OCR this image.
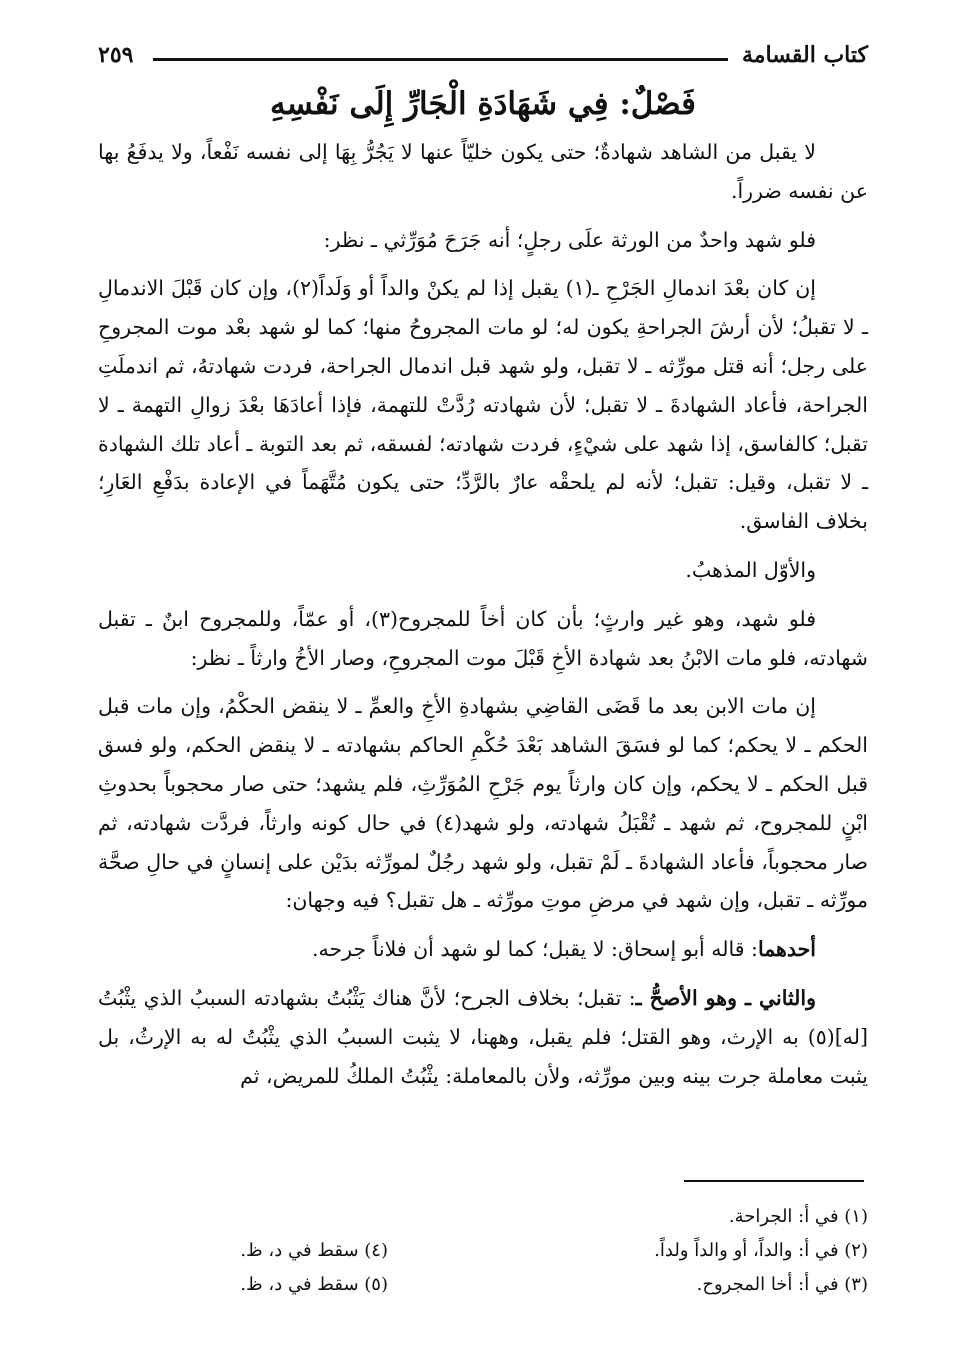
كتاب القسامة
٢٥٩
فَصْلٌ: فِي شَهَادَةِ الْجَارِّ إِلَى نَفْسِهِ

لا يقبل من الشاهد شهادةٌ؛ حتى يكون خليّاً عنها لا يَجُرُّ بِهَا إلى نفسه نَفْعاً، ولا يدفَعُ بها عن نفسه ضرراً.

فلو شهد واحدٌ من الورثة علَى رجلٍ؛ أنه جَرَحَ مُوَرِّثي ـ نظر:

إن كان بعْدَ اندمالِ الجَرْحِ ـ(١) يقبل إذا لم يكنْ والداً أو وَلَداً(٢)، وإن كان قَبْلَ الاندمالِ ـ لا تقبلُ؛ لأن أرشَ الجراحةِ يكون له؛ لو مات المجروحُ منها؛ كما لو شهد بعْد موت المجروحِ على رجل؛ أنه قتل مورِّثه ـ لا تقبل، ولو شهد قبل اندمال الجراحة، فردت شهادتهُ، ثم اندملَتِ الجراحة، فأعاد الشهادةَ ـ لا تقبل؛ لأن شهادته رُدَّتْ للتهمة، فإذا أعادَهَا بعْدَ زوالِ التهمة ـ لا تقبل؛ كالفاسق، إذا شهد على شيْءٍ، فردت شهادته؛ لفسقه، ثم بعد التوبة ـ أعاد تلك الشهادة ـ لا تقبل، وقيل: تقبل؛ لأنه لم يلحقْه عارٌ بالرَّدِّ؛ حتى يكون مُتَّهَماً في الإعادة بدَفْعِ العَارِ؛ بخلاف الفاسق.

والأوّل المذهبُ.

فلو شهد، وهو غير وارثٍ؛ بأن كان أخاً للمجروح(٣)، أو عمّاً، وللمجروح ابنٌ ـ تقبل شهادته، فلو مات الابْنُ بعد شهادة الأخِ قَبْلَ موت المجروحِ، وصار الأخُ وارثاً ـ نظر:

إن مات الابن بعد ما قَضَى القاضِي بشهادةِ الأخِ والعمِّ ـ لا ينقض الحكْمُ، وإن مات قبل الحكم ـ لا يحكم؛ كما لو فسَقَ الشاهد بَعْدَ حُكْمِ الحاكم بشهادته ـ لا ينقض الحكم، ولو فسق قبل الحكم ـ لا يحكم، وإن كان وارثاً يوم جَرْحِ المُوَرِّثِ، فلم يشهد؛ حتى صار محجوباً بحدوثِ ابْنٍ للمجروح، ثم شهد ـ تُقْبَلُ شهادته، ولو شهد(٤) في حال كونه وارثاً، فردَّت شهادته، ثم صار محجوباً، فأعاد الشهادةَ ـ لَمْ تقبل، ولو شهد رجُلٌ لمورِّثه بدَيْن على إنسانٍ في حالِ صحَّة مورِّثه ـ تقبل، وإن شهد في مرضِ موتِ مورِّثه ـ هل تقبل؟ فيه وجهان:

أحدهما: قاله أبو إسحاق: لا يقبل؛ كما لو شهد أن فلاناً جرحه.

والثاني ـ وهو الأصحُّ ـ: تقبل؛ بخلاف الجرح؛ لأنَّ هناك يَثْبُتُ بشهادته السببُ الذي يثْبُتُ [له](٥) به الإرث، وهو القتل؛ فلم يقبل، وههنا، لا يثبت السببُ الذي يثْبُتُ له به الإرثُ، بل يثبت معاملة جرت بينه وبين مورِّثه، ولأن بالمعاملة: يثْبُتُ الملكُ للمريض، ثم

(١) في أ: الجراحة.
(٢) في أ: والداً، أو والداً ولداً.
(٣) في أ: أخا المجروح.
(٤) سقط في د، ظ.
(٥) سقط في د، ظ.
